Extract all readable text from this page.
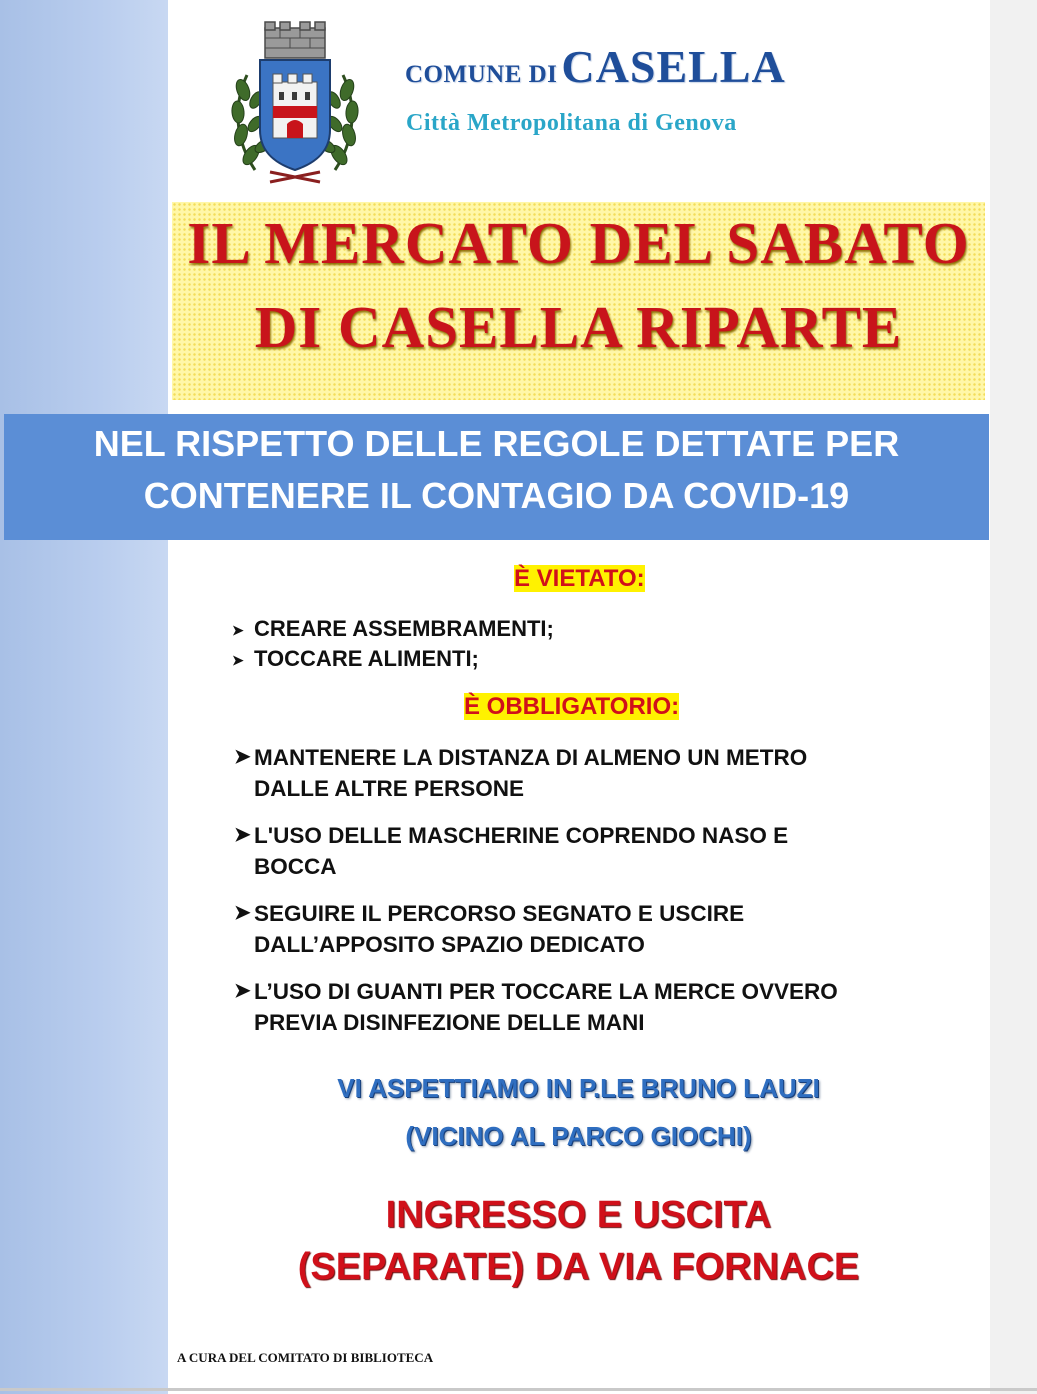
COMUNE DI CASELLA
Città Metropolitana di Genova
IL MERCATO DEL SABATO
DI CASELLA RIPARTE
NEL RISPETTO DELLE REGOLE DETTATE PER
CONTENERE IL CONTAGIO DA COVID-19
È VIETATO:
➤ CREARE ASSEMBRAMENTI;
➤ TOCCARE ALIMENTI;
È OBBLIGATORIO:
➤ MANTENERE LA DISTANZA DI ALMENO UN METRO
DALLE ALTRE PERSONE
➤ L'USO DELLE MASCHERINE COPRENDO NASO E
BOCCA
➤ SEGUIRE IL PERCORSO SEGNATO E USCIRE
DALL’APPOSITO SPAZIO DEDICATO
➤ L’USO DI GUANTI PER TOCCARE LA MERCE OVVERO
PREVIA DISINFEZIONE DELLE MANI
VI ASPETTIAMO IN P.LE BRUNO LAUZI
(VICINO AL PARCO GIOCHI)
INGRESSO E USCITA
(SEPARATE) DA VIA FORNACE
A CURA DEL COMITATO DI BIBLIOTECA
